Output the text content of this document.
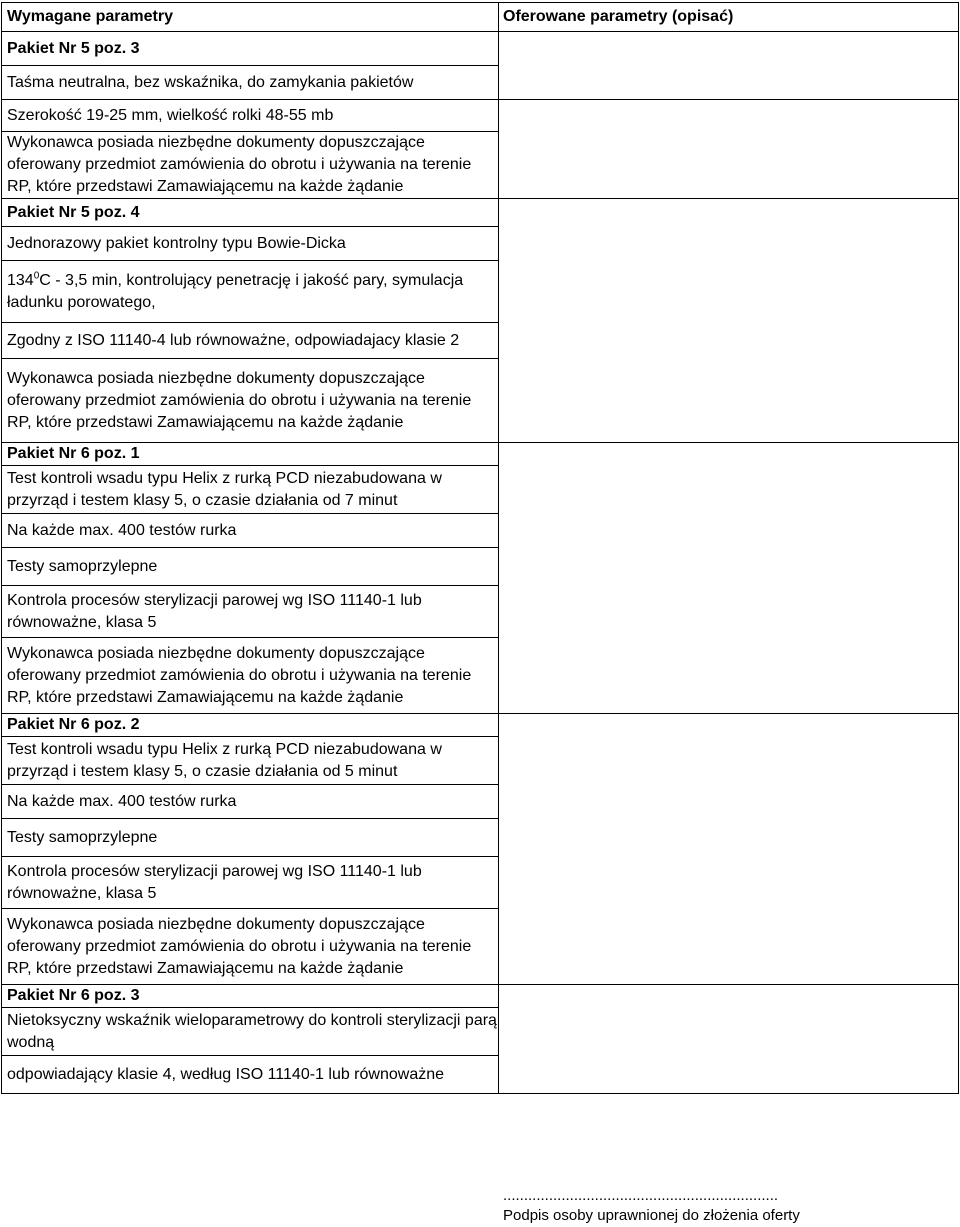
Wymagane parametry	Oferowane parametry (opisać)
Pakiet Nr 5 poz. 3	
Taśma neutralna, bez wskaźnika, do zamykania pakietów	
Szerokość 19-25 mm, wielkość rolki 48-55 mb	
Wykonawca posiada niezbędne dokumenty dopuszczające oferowany przedmiot zamówienia do obrotu i używania na terenie RP, które przedstawi Zamawiającemu na każde żądanie	
Pakiet Nr 5 poz. 4	
Jednorazowy pakiet kontrolny typu Bowie-Dicka	
$134^0C - 3,5$ min, kontrolujący penetrację i jakość pary, symulacja ładunku porowatego,	
Zgodny z ISO 11140-4 lub równoważne, odpowiadajacy klasie 2	
Wykonawca posiada niezbędne dokumenty dopuszczające oferowany przedmiot zamówienia do obrotu i używania na terenie RP, które przedstawi Zamawiającemu na każde żądanie	
Pakiet Nr 6 poz. 1	
Test kontroli wsadu typu Helix z rurką PCD niezabudowana w przyrząd i testem klasy 5, o czasie działania od 7 minut	
Na każde max. 400 testów rurka	
Testy samoprzylepne	
Kontrola procesów sterylizacji parowej wg ISO 11140-1 lub równoważne, klasa 5	
Wykonawca posiada niezbędne dokumenty dopuszczające oferowany przedmiot zamówienia do obrotu i używania na terenie RP, które przedstawi Zamawiającemu na każde żądanie	
Pakiet Nr 6 poz. 2	
Test kontroli wsadu typu Helix z rurką PCD niezabudowana w przyrząd i testem klasy 5, o czasie działania od 5 minut	
Na każde max. 400 testów rurka	
Testy samoprzylepne	
Kontrola procesów sterylizacji parowej wg ISO 11140-1 lub równoważne, klasa 5	
Wykonawca posiada niezbędne dokumenty dopuszczające oferowany przedmiot zamówienia do obrotu i używania na terenie RP, które przedstawi Zamawiającemu na każde żądanie	
Pakiet Nr 6 poz. 3	
Nietoksyczny wskaźnik wieloparametrowy do kontroli sterylizacji parą wodną	
odpowiadający klasie 4, według ISO 11140-1 lub równoważne	
..................................................................
Podpis osoby uprawnionej do złożenia oferty
